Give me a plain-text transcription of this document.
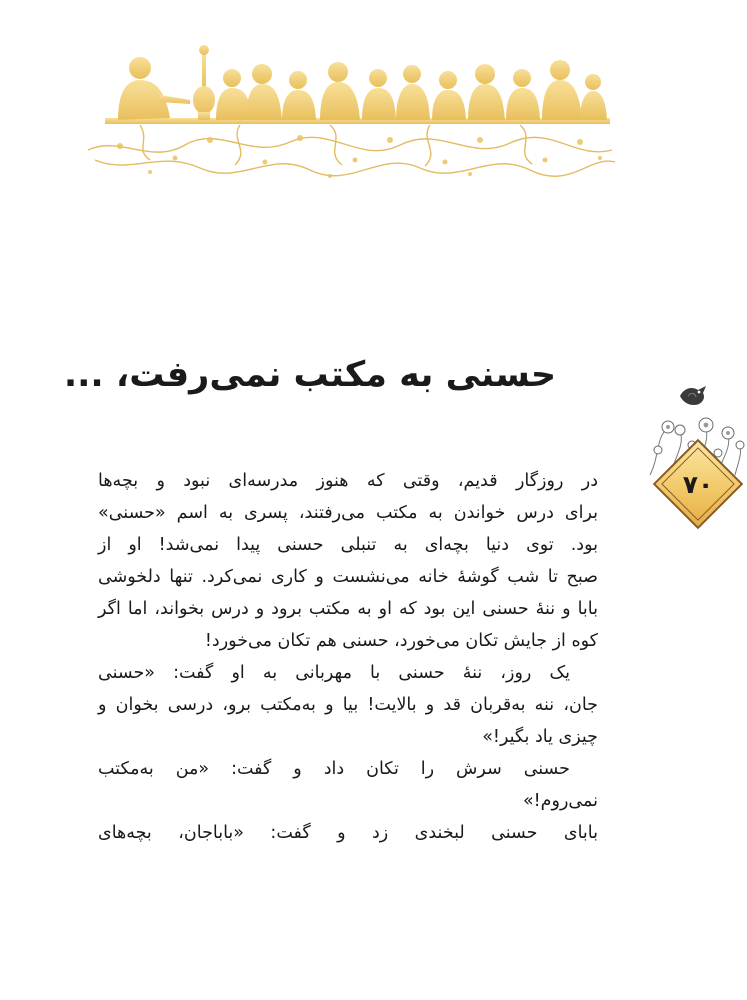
حسنی به مکتب نمی‌رفت، ...
۷۰
در روزگار قدیم، وقتی که هنوز مدرسه‌ای نبود و بچه‌ها
برای درس خواندن به مکتب می‌رفتند، پسری به اسم «حسنی»
بود. توی دنیا بچه‌ای به تنبلی حسنی پیدا نمی‌شد! او از
صبح تا شب گوشهٔ خانه می‌نشست و کاری نمی‌کرد. تنها دلخوشی
بابا و ننهٔ حسنی این بود که او به مکتب برود و درس بخواند، اما اگر
کوه از جایش تکان می‌خورد، حسنی هم تکان می‌خورد!
یک روز، ننهٔ حسنی با مهربانی به او گفت: «حسنی
جان، ننه به‌قربان قد و بالایت! بیا و به‌مکتب برو، درسی بخوان و
چیزی یاد بگیر!»
حسنی سرش را تکان داد و گفت: «من به‌مکتب
نمی‌روم!»
بابای حسنی لبخندی زد و گفت: «باباجان، بچه‌های
